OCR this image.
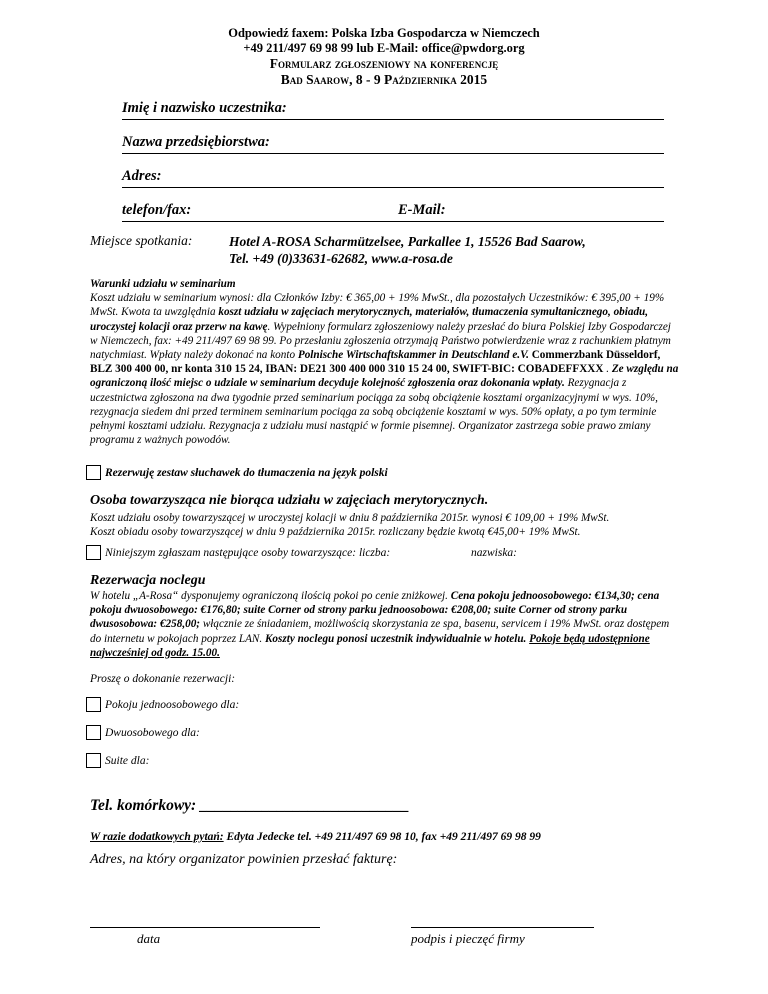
Odpowiedź faxem: Polska Izba Gospodarcza w Niemczech
+49 211/497 69 98 99 lub E-Mail: office@pwdorg.org
Formularz zgłoszeniowy na konferencję
Bad Saarow, 8 - 9 Października 2015
Imię i nazwisko uczestnika:
Nazwa przedsiębiorstwa:
Adres:
telefon/fax:	E-Mail:
Miejsce spotkania:	Hotel A-ROSA Scharmützelsee, Parkallee 1, 15526 Bad Saarow,
Tel. +49 (0)33631-62682, www.a-rosa.de
Warunki udziału w seminarium
Koszt udziału w seminarium wynosi: dla Członków Izby: € 365,00 + 19% MwSt., dla pozostałych Uczestników: € 395,00 + 19% MwSt. Kwota ta uwzględnia koszt udziału w zajęciach merytorycznych, materiałów, tłumaczenia symultanicznego, obiadu, uroczystej kolacji oraz przerw na kawę. Wypełniony formularz zgłoszeniowy należy przesłać do biura Polskiej Izby Gospodarczej w Niemczech, fax: +49 211/497 69 98 99. Po przesłaniu zgłoszenia otrzymają Państwo potwierdzenie wraz z rachunkiem płatnym natychmiast. Wpłaty należy dokonać na konto Polnische Wirtschaftskammer in Deutschland e.V. Commerzbank Düsseldorf, BLZ 300 400 00, nr konta 310 15 24, IBAN: DE21 300 400 000 310 15 24 00, SWIFT-BIC: COBADEFFXXX . Ze względu na ograniczoną ilość miejsc o udziale w seminarium decyduje kolejność zgłoszenia oraz dokonania wpłaty. Rezygnacja z uczestnictwa zgłoszona na dwa tygodnie przed seminarium pociąga za sobą obciążenie kosztami organizacyjnymi w wys. 10%, rezygnacja siedem dni przed terminem seminarium pociąga za sobą obciążenie kosztami w wys. 50% opłaty, a po tym terminie pełnymi kosztami udziału. Rezygnacja z udziału musi nastąpić w formie pisemnej. Organizator zastrzega sobie prawo zmiany programu z ważnych powodów.
Rezerwuję zestaw słuchawek do tłumaczenia na język polski
Osoba towarzysząca nie biorąca udziału w zajęciach merytorycznych.
Koszt udziału osoby towarzyszącej w uroczystej kolacji w dniu 8 października 2015r. wynosi € 109,00 + 19% MwSt.
Koszt obiadu osoby towarzyszącej w dniu 9 października 2015r. rozliczany będzie kwotą €45,00+ 19% MwSt.
Niniejszym zgłaszam następujące osoby towarzyszące: liczba:	nazwiska:
Rezerwacja noclegu
W hotelu „A-Rosa“ dysponujemy ograniczoną ilością pokoi po cenie zniżkowej. Cena pokoju jednoosobowego: €134,30; cena pokoju dwuosobowego: €176,80; suite Corner od strony parku jednoosobowa: €208,00; suite Corner od strony parku dwusosobowa: €258,00; włącznie ze śniadaniem, możliwością skorzystania ze spa, basenu, servicem i 19% MwSt. oraz dostępem do internetu w pokojach poprzez LAN. Koszty noclegu ponosi uczestnik indywidualnie w hotelu. Pokoje będą udostępnione najwcześniej od godz. 15.00.
Proszę o dokonanie rezerwacji:
Pokoju jednoosobowego dla:
Dwuosobowego dla:
Suite dla:
Tel. komórkowy: ___________________________
W razie dodatkowych pytań: Edyta Jedecke tel. +49 211/497 69 98 10, fax +49 211/497 69 98 99
Adres, na który organizator powinien przesłać fakturę:
data	podpis i pieczęć firmy
